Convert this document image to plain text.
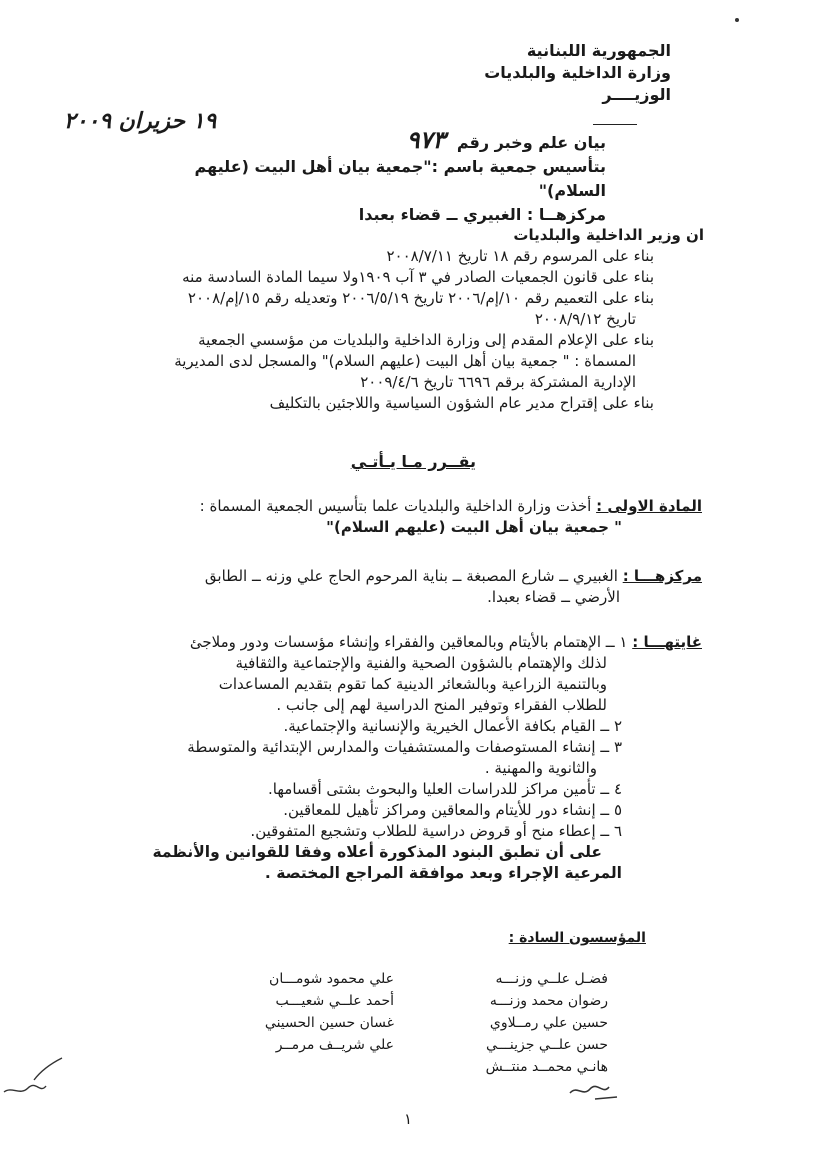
الجمهورية اللبنانية
وزارة الداخلية والبلديات
الوزيــــر
١٩ حزيران ٢٠٠٩
بيان علم وخبر رقم ٩٧٣
بتأسيس جمعية باسم :"جمعية بيان أهل البيت (عليهم السلام)"
مركزهــا : الغبيري ــ قضاء بعبدا
ان وزير الداخلية والبلديات
بناء على المرسوم رقم ١٨ تاريخ ٢٠٠٨/٧/١١
بناء على قانون الجمعيات الصادر في ٣ آب ١٩٠٩ولا سيما المادة السادسة منه
بناء على التعميم رقم ١٠/إم/٢٠٠٦ تاريخ ٢٠٠٦/٥/١٩ وتعديله رقم ١٥/إم/٢٠٠٨
تاريخ ٢٠٠٨/٩/١٢
بناء على الإعلام المقدم إلى وزارة الداخلية والبلديات من مؤسسي الجمعية
المسماة : " جمعية بيان أهل البيت (عليهم السلام)" والمسجل لدى المديرية
الإدارية المشتركة برقم ٦٦٩٦ تاريخ ٢٠٠٩/٤/٦
بناء على إقتراح مدير عام الشؤون السياسية واللاجئين بالتكليف
يقــرر مـا يـأتـي
المادة الاولى : أخذت وزارة الداخلية والبلديات علما بتأسيس الجمعية المسماة :
" جمعية بيان أهل البيت (عليهم السلام)"
مركزهـــا : الغبيري ــ شارع المصبغة ــ بناية المرحوم الحاج علي وزنه ــ الطابق
الأرضي ــ قضاء بعبدا.
غايتهـــا : ١ ــ الإهتمام بالأيتام وبالمعاقين والفقراء وإنشاء مؤسسات ودور وملاجئ
لذلك والإهتمام بالشؤون الصحية والفنية والإجتماعية والثقافية
وبالتنمية الزراعية وبالشعائر الدينية كما تقوم بتقديم المساعدات
للطلاب الفقراء وتوفير المنح الدراسية لهم إلى جانب .
٢ ــ القيام بكافة الأعمال الخيرية والإنسانية والإجتماعية.
٣ ــ إنشاء المستوصفات والمستشفيات والمدارس الإبتدائية والمتوسطة
والثانوية والمهنية .
٤ ــ تأمين مراكز للدراسات العليا والبحوث بشتى أقسامها.
٥ ــ إنشاء دور للأيتام والمعاقين ومراكز تأهيل للمعاقين.
٦ ــ إعطاء منح أو قروض دراسية للطلاب وتشجيع المتفوقين.
على أن تطبق البنود المذكورة أعلاه وفقا للقوانين والأنظمة
المرعية الإجراء وبعد موافقة المراجع المختصة .
المؤسسون السادة :
فضـل علــي وزنـــه
رضوان محمد وزنـــه
حسين علي رمــلاوي
حسن علــي جزينـــي
هانـي محمــد منتــش
علي محمود شومـــان
أحمد علــي شعيـــب
غسان حسين الحسيني
علي شريــف مرمــر
١
